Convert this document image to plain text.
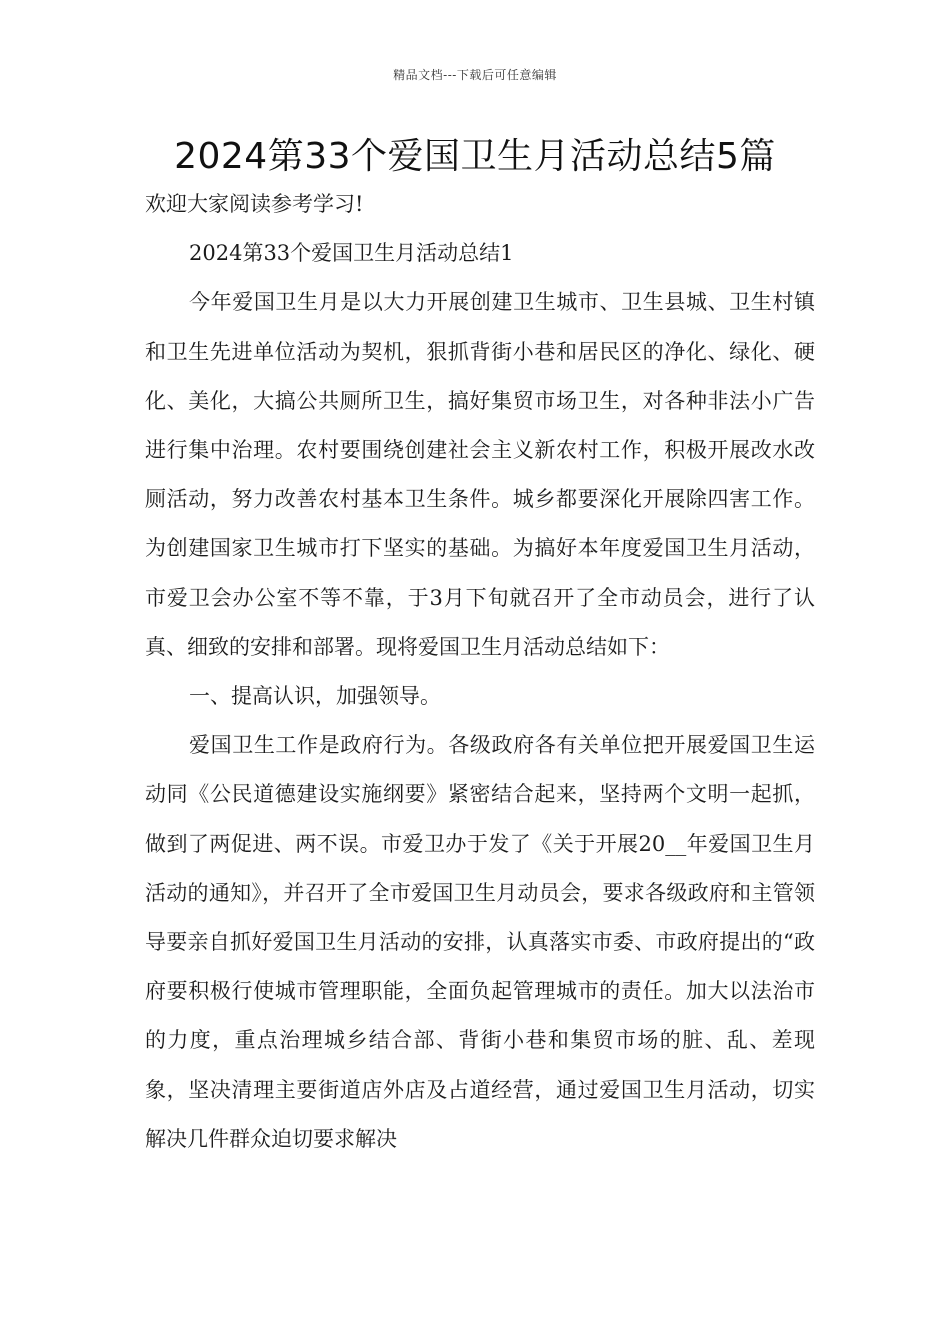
精品文档---下载后可任意编辑
2024第33个爱国卫生月活动总结5篇

欢迎大家阅读参考学习!

2024第33个爱国卫生月活动总结1

今年爱国卫生月是以大力开展创建卫生城市、卫生县城、卫生村镇和卫生先进单位活动为契机，狠抓背街小巷和居民区的净化、绿化、硬化、美化，大搞公共厕所卫生，搞好集贸市场卫生，对各种非法小广告进行集中治理。农村要围绕创建社会主义新农村工作，积极开展改水改厕活动，努力改善农村基本卫生条件。城乡都要深化开展除四害工作。为创建国家卫生城市打下坚实的基础。为搞好本年度爱国卫生月活动，市爱卫会办公室不等不靠，于3月下旬就召开了全市动员会，进行了认真、细致的安排和部署。现将爱国卫生月活动总结如下：

一、提高认识，加强领导。

爱国卫生工作是政府行为。各级政府各有关单位把开展爱国卫生运动同《公民道德建设实施纲要》紧密结合起来，坚持两个文明一起抓，做到了两促进、两不误。市爱卫办于发了《关于开展20__年爱国卫生月活动的通知》，并召开了全市爱国卫生月动员会，要求各级政府和主管领导要亲自抓好爱国卫生月活动的安排，认真落实市委、市政府提出的“政府要积极行使城市管理职能，全面负起管理城市的责任。加大以法治市的力度，重点治理城乡结合部、背街小巷和集贸市场的脏、乱、差现象，坚决清理主要街道店外店及占道经营，通过爱国卫生月活动，切实解决几件群众迫切要求解决
